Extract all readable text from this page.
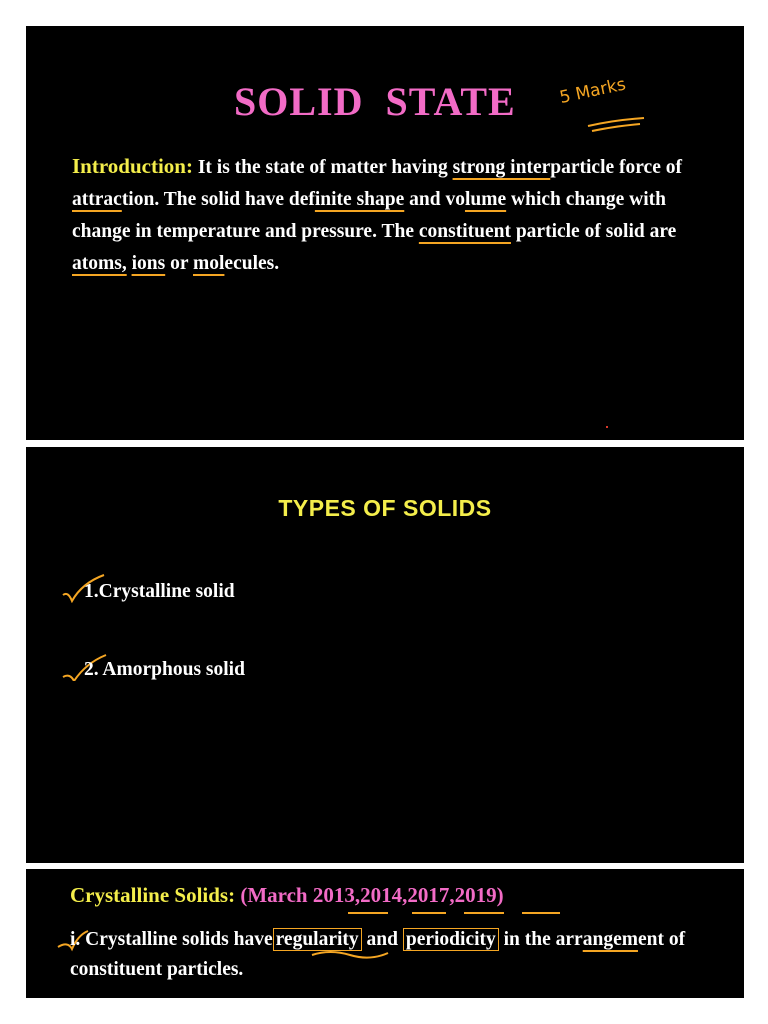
SOLID  STATE 5 Marks

Introduction: It is the state of matter having strong interparticle force of attraction. The solid have definite shape and volume which change with change in temperature and pressure. The constituent particle of solid are atoms, ions or molecules.

TYPES OF SOLIDS

1.Crystalline solid

2. Amorphous solid

Crystalline Solids: (March 2013,2014,2017,2019)

i. Crystalline solids have regularity and periodicity in the arrangement of constituent particles.
